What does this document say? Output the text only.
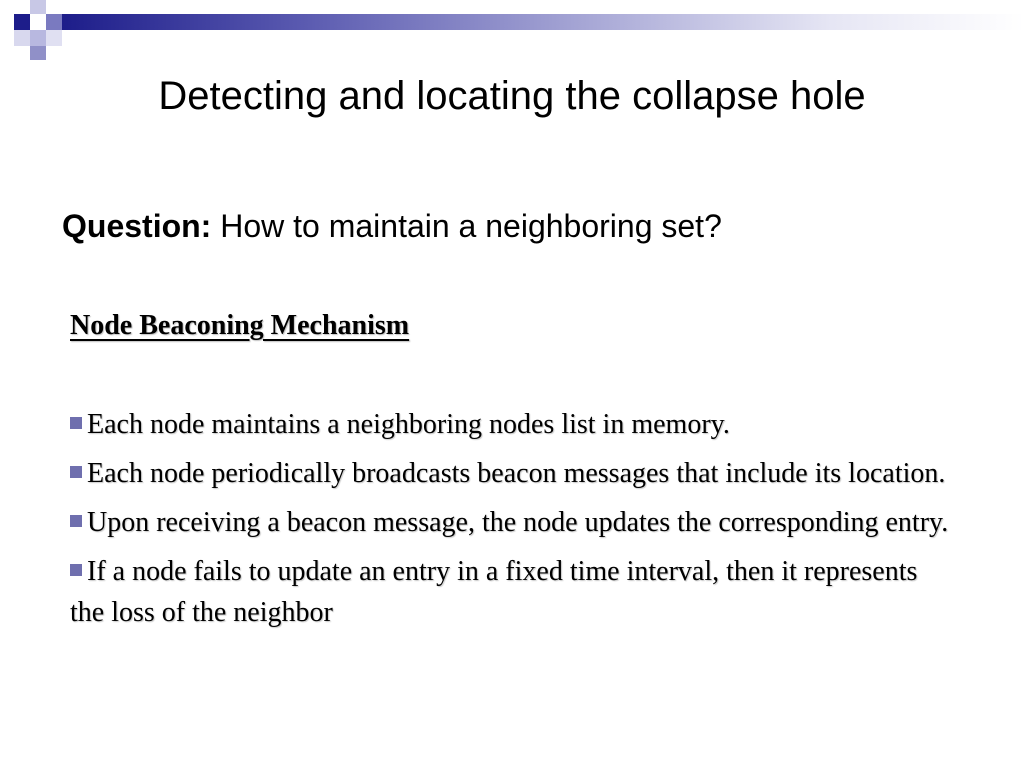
Detecting and locating the collapse hole
Question: How to maintain a neighboring set?
Node Beaconing Mechanism
Each node maintains a neighboring nodes list in memory.
Each node periodically broadcasts beacon messages that include its location.
Upon receiving a beacon message, the node updates the corresponding entry.
If a node fails to update an entry in a fixed time interval, then it represents the loss of the neighbor
